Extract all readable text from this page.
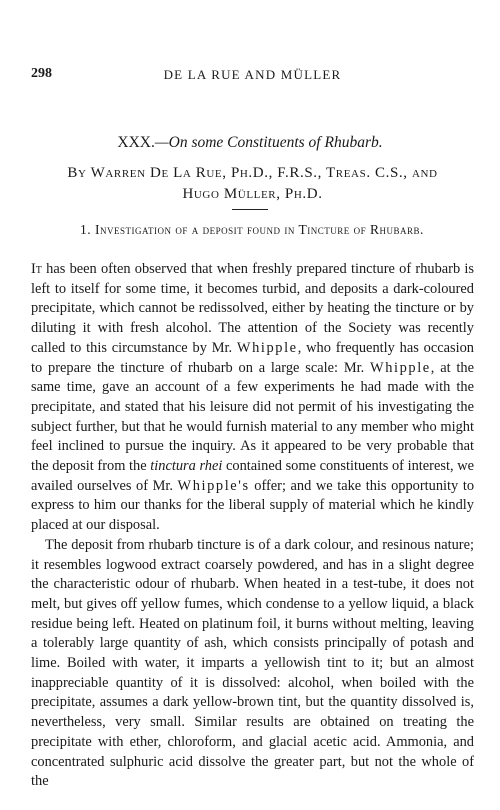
298	DE LA RUE AND MÜLLER
XXX.—On some Constituents of Rhubarb.
By Warren De La Rue, Ph.D., F.R.S., Treas. C.S., and
Hugo Müller, Ph.D.
1. Investigation of a deposit found in Tincture of Rhubarb.

It has been often observed that when freshly prepared tincture of rhubarb is left to itself for some time, it becomes turbid, and deposits a dark-coloured precipitate, which cannot be redissolved, either by heating the tincture or by diluting it with fresh alcohol. The attention of the Society was recently called to this circumstance by Mr. Whipple, who frequently has occasion to prepare the tincture of rhubarb on a large scale: Mr. Whipple, at the same time, gave an account of a few experiments he had made with the precipitate, and stated that his leisure did not permit of his investigating the subject further, but that he would furnish material to any member who might feel inclined to pursue the inquiry. As it appeared to be very probable that the deposit from the tinctura rhei contained some constituents of interest, we availed ourselves of Mr. Whipple's offer; and we take this opportunity to express to him our thanks for the liberal supply of material which he kindly placed at our disposal.

The deposit from rhubarb tincture is of a dark colour, and resinous nature; it resembles logwood extract coarsely powdered, and has in a slight degree the characteristic odour of rhubarb. When heated in a test-tube, it does not melt, but gives off yellow fumes, which condense to a yellow liquid, a black residue being left. Heated on platinum foil, it burns without melting, leaving a tolerably large quantity of ash, which consists principally of potash and lime. Boiled with water, it imparts a yellowish tint to it; but an almost inappreciable quantity of it is dissolved: alcohol, when boiled with the precipitate, assumes a dark yellow-brown tint, but the quantity dissolved is, nevertheless, very small. Similar results are obtained on treating the precipitate with ether, chloroform, and glacial acetic acid. Ammonia, and concentrated sulphuric acid dissolve the greater part, but not the whole of the
